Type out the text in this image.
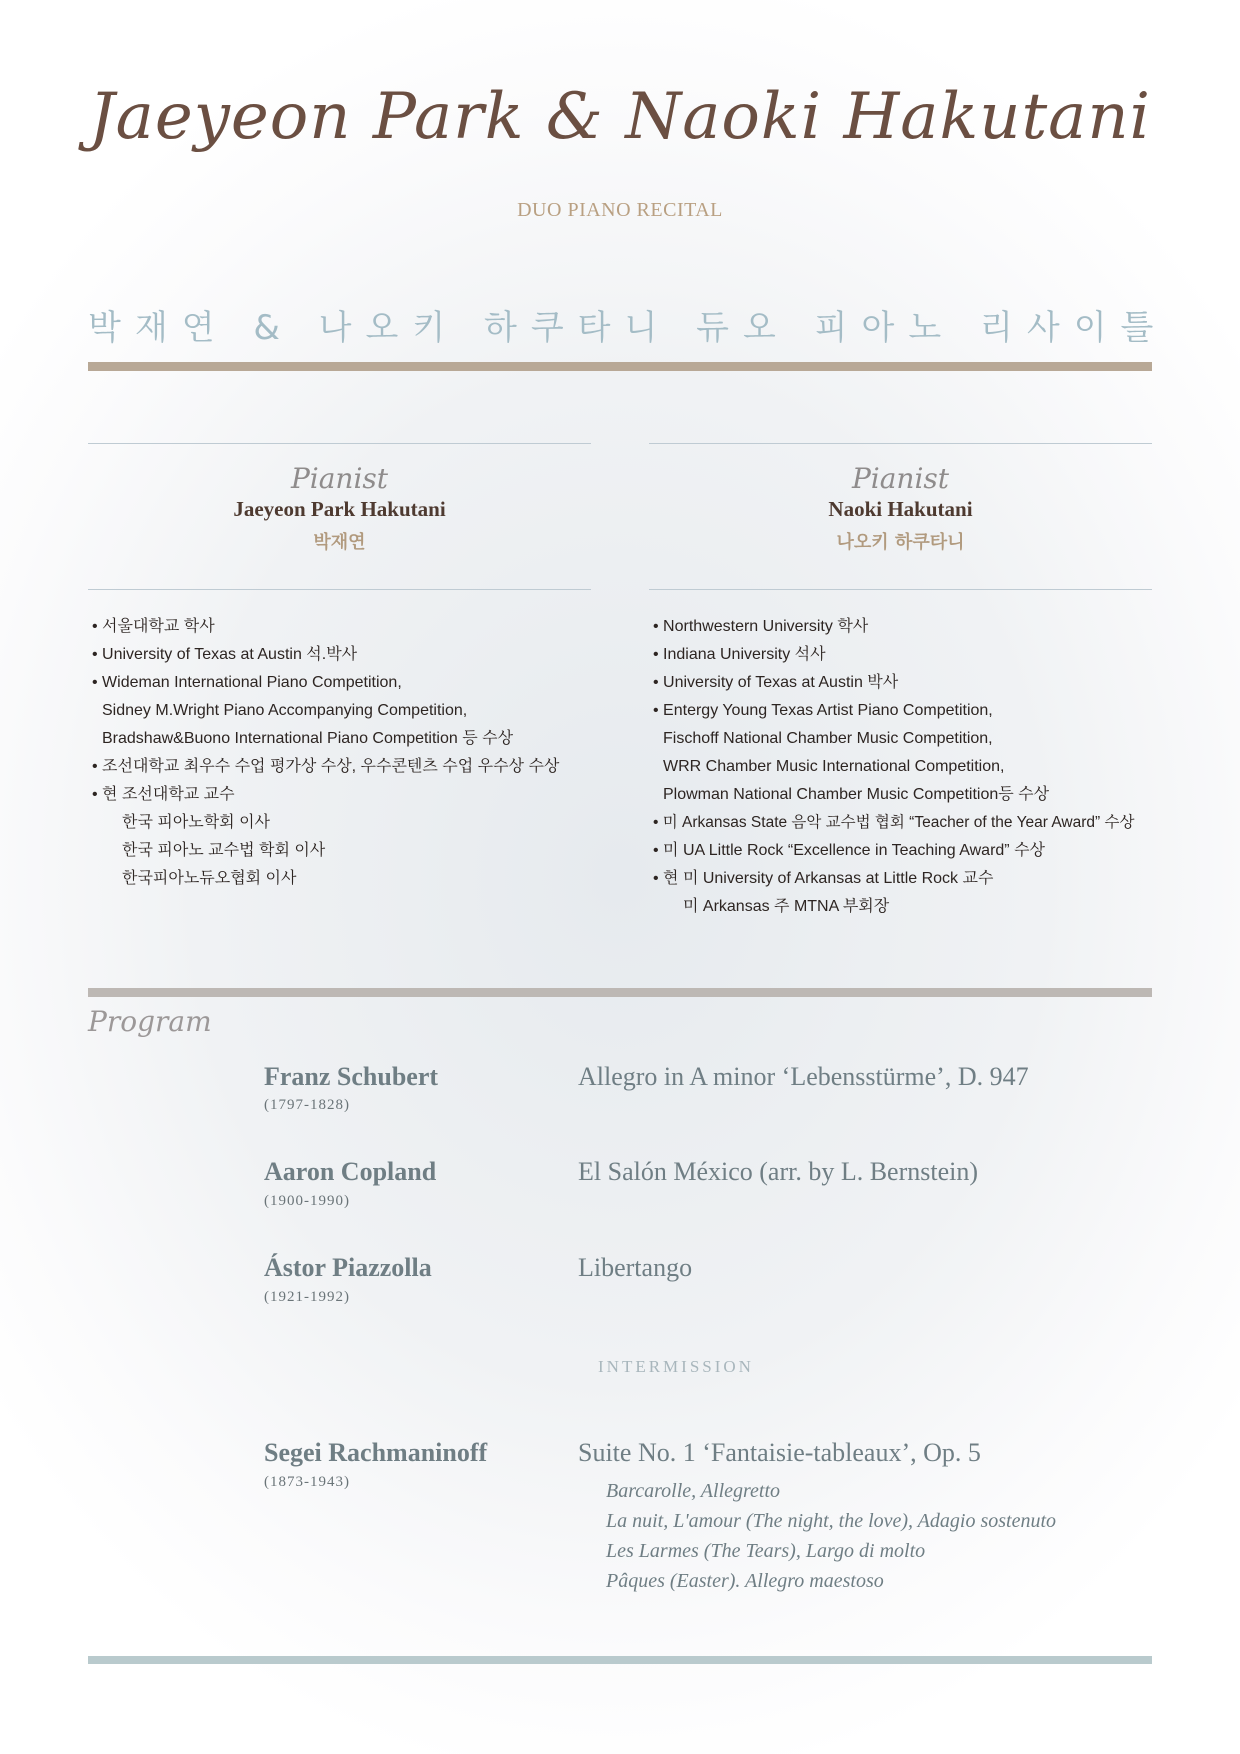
Jaeyeon Park & Naoki Hakutani
DUO PIANO RECITAL
박재연 & 나오키 하쿠타니 듀오 피아노 리사이틀
Pianist
Jaeyeon Park Hakutani
박재연
Pianist
Naoki Hakutani
나오키 하쿠타니
• 서울대학교 학사
• University of Texas at Austin 석.박사
• Wideman International Piano Competition,
Sidney M.Wright Piano Accompanying Competition,
Bradshaw&Buono International Piano Competition 등 수상
• 조선대학교 최우수 수업 평가상 수상, 우수콘텐츠 수업 우수상 수상
• 현 조선대학교 교수
한국 피아노학회 이사
한국 피아노 교수법 학회 이사
한국피아노듀오협회 이사
• Northwestern University 학사
• Indiana University 석사
• University of Texas at Austin 박사
• Entergy Young Texas Artist Piano Competition,
Fischoff National Chamber Music Competition,
WRR Chamber Music International Competition,
Plowman National Chamber Music Competition등 수상
• 미 Arkansas State 음악 교수법 협회 “Teacher of the Year Award” 수상
• 미 UA Little Rock “Excellence in Teaching Award” 수상
• 현 미 University of Arkansas at Little Rock 교수
미 Arkansas 주 MTNA 부회장
Program
Franz Schubert
(1797-1828)
Allegro in A minor ‘Lebensstürme’, D. 947
Aaron Copland
(1900-1990)
El Salón México (arr. by L. Bernstein)
Ástor Piazzolla
(1921-1992)
Libertango
INTERMISSION
Segei Rachmaninoff
(1873-1943)
Suite No. 1 ‘Fantaisie-tableaux’, Op. 5
Barcarolle, Allegretto
La nuit, L'amour (The night, the love), Adagio sostenuto
Les Larmes (The Tears), Largo di molto
Pâques (Easter). Allegro maestoso
